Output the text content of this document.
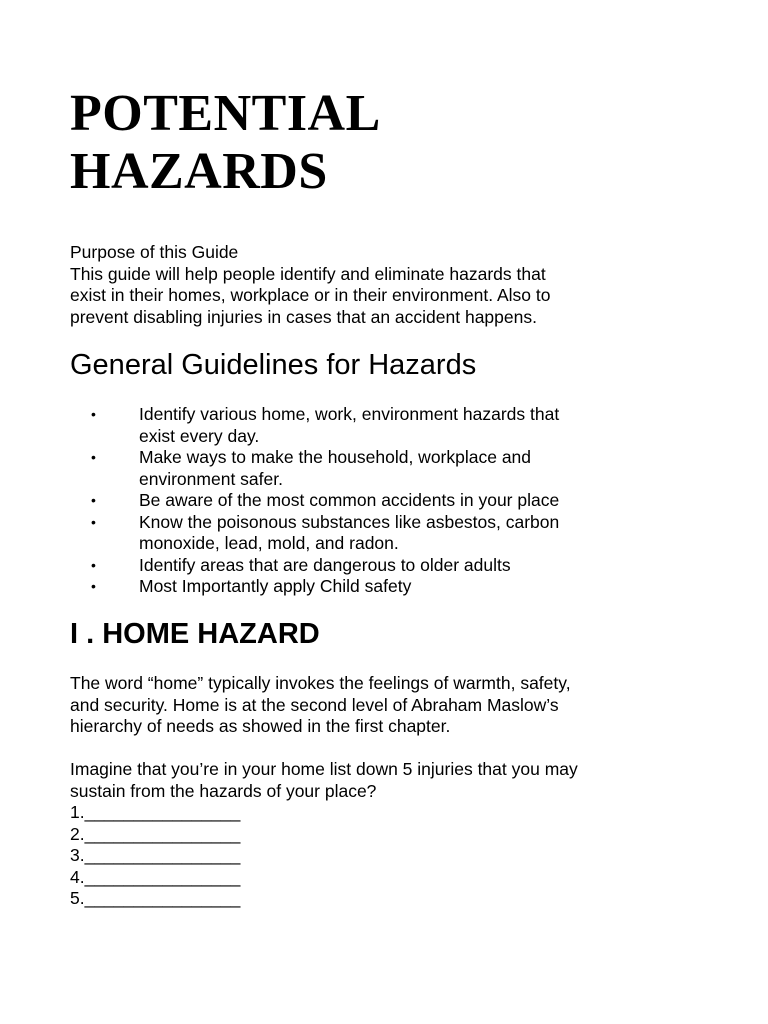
POTENTIAL
HAZARDS

Purpose of this Guide

This guide will help people identify and eliminate hazards that

exist in their homes, workplace or in their environment. Also to

prevent disabling injuries in cases that an accident happens.

General Guidelines for Hazards
• Identify various home, work, environment hazards that
exist every day.
• Make ways to make the household, workplace and
environment safer.
• Be aware of the most common accidents in your place
• Know the poisonous substances like asbestos, carbon
monoxide, lead, mold, and radon.
• Identify areas that are dangerous to older adults
• Most Importantly apply Child safety
I . HOME HAZARD

The word “home” typically invokes the feelings of warmth, safety,

and security. Home is at the second level of Abraham Maslow’s

hierarchy of needs as showed in the first chapter.

Imagine that you’re in your home list down 5 injuries that you may

sustain from the hazards of your place?

1.________________
2.________________
3.________________
4.________________
5.________________
